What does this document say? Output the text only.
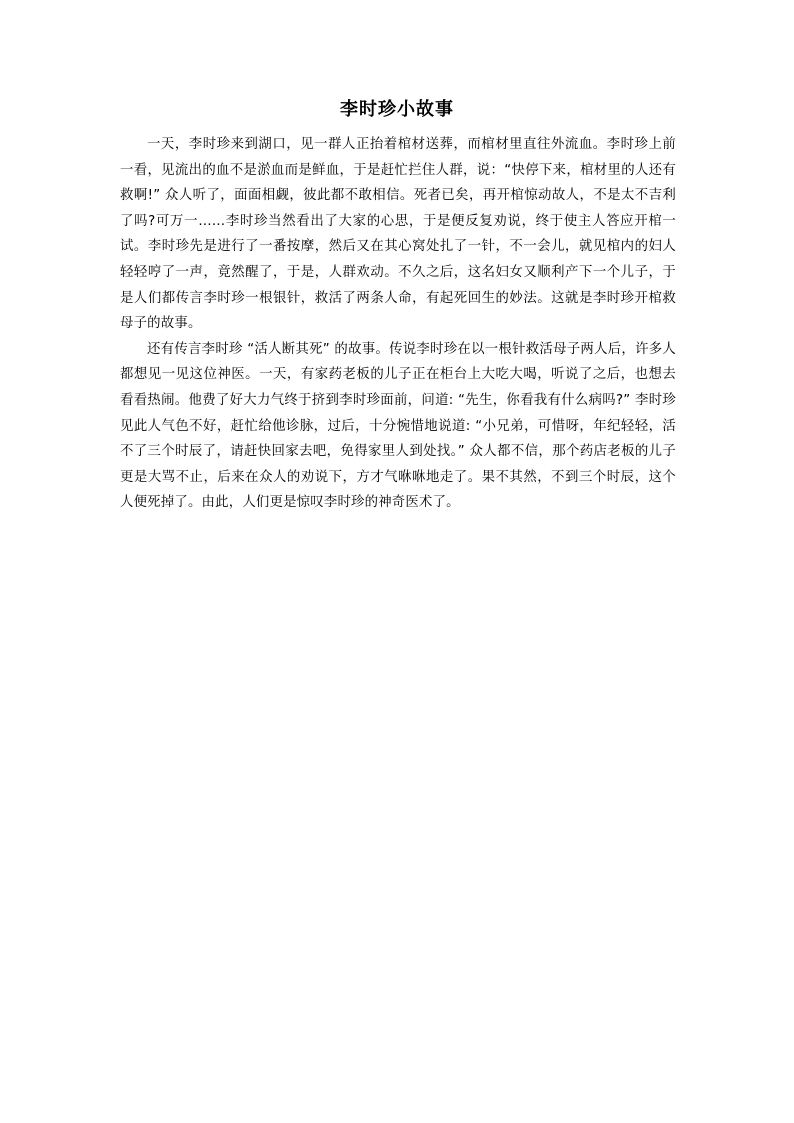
李时珍小故事

一天，李时珍来到湖口，见一群人正抬着棺材送葬，而棺材里直往外流血。李时珍上前一看，见流出的血不是淤血而是鲜血，于是赶忙拦住人群，说：“快停下来，棺材里的人还有救啊!” 众人听了，面面相觑，彼此都不敢相信。死者已矣，再开棺惊动故人，不是太不吉利了吗?可万一……李时珍当然看出了大家的心思，于是便反复劝说，终于使主人答应开棺一试。李时珍先是进行了一番按摩，然后又在其心窝处扎了一针，不一会儿，就见棺内的妇人轻轻哼了一声，竟然醒了，于是，人群欢动。不久之后，这名妇女又顺利产下一个儿子，于是人们都传言李时珍一根银针，救活了两条人命，有起死回生的妙法。这就是李时珍开棺救母子的故事。

还有传言李时珍 “活人断其死” 的故事。传说李时珍在以一根针救活母子两人后，许多人都想见一见这位神医。一天，有家药老板的儿子正在柜台上大吃大喝，听说了之后，也想去看看热闹。他费了好大力气终于挤到李时珍面前，问道: “先生，你看我有什么病吗?” 李时珍见此人气色不好，赶忙给他诊脉，过后，十分惋惜地说道: “小兄弟，可惜呀，年纪轻轻，活不了三个时辰了，请赶快回家去吧，免得家里人到处找。” 众人都不信，那个药店老板的儿子更是大骂不止，后来在众人的劝说下，方才气咻咻地走了。果不其然，不到三个时辰，这个人便死掉了。由此，人们更是惊叹李时珍的神奇医术了。
